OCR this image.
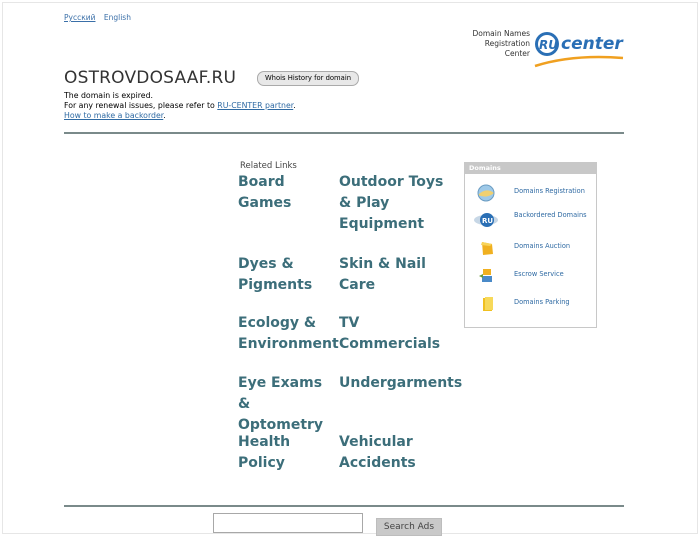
Русский English
Domain Names
Registration
Center
RU center
OSTROVDOSAAF.RU	Whois History for domain
The domain is expired.
For any renewal issues, please refer to RU-CENTER partner.
How to make a backorder.
Related Links
Board Games
Outdoor Toys & Play Equipment
Dyes & Pigments
Skin & Nail Care
Ecology & Environment
TV Commercials
Eye Exams & Optometry
Undergarments
Health Policy
Vehicular Accidents
Domains
Domains Registration
RU
Backordered Domains
Domains Auction
Escrow Service
Domains Parking
Search Ads
